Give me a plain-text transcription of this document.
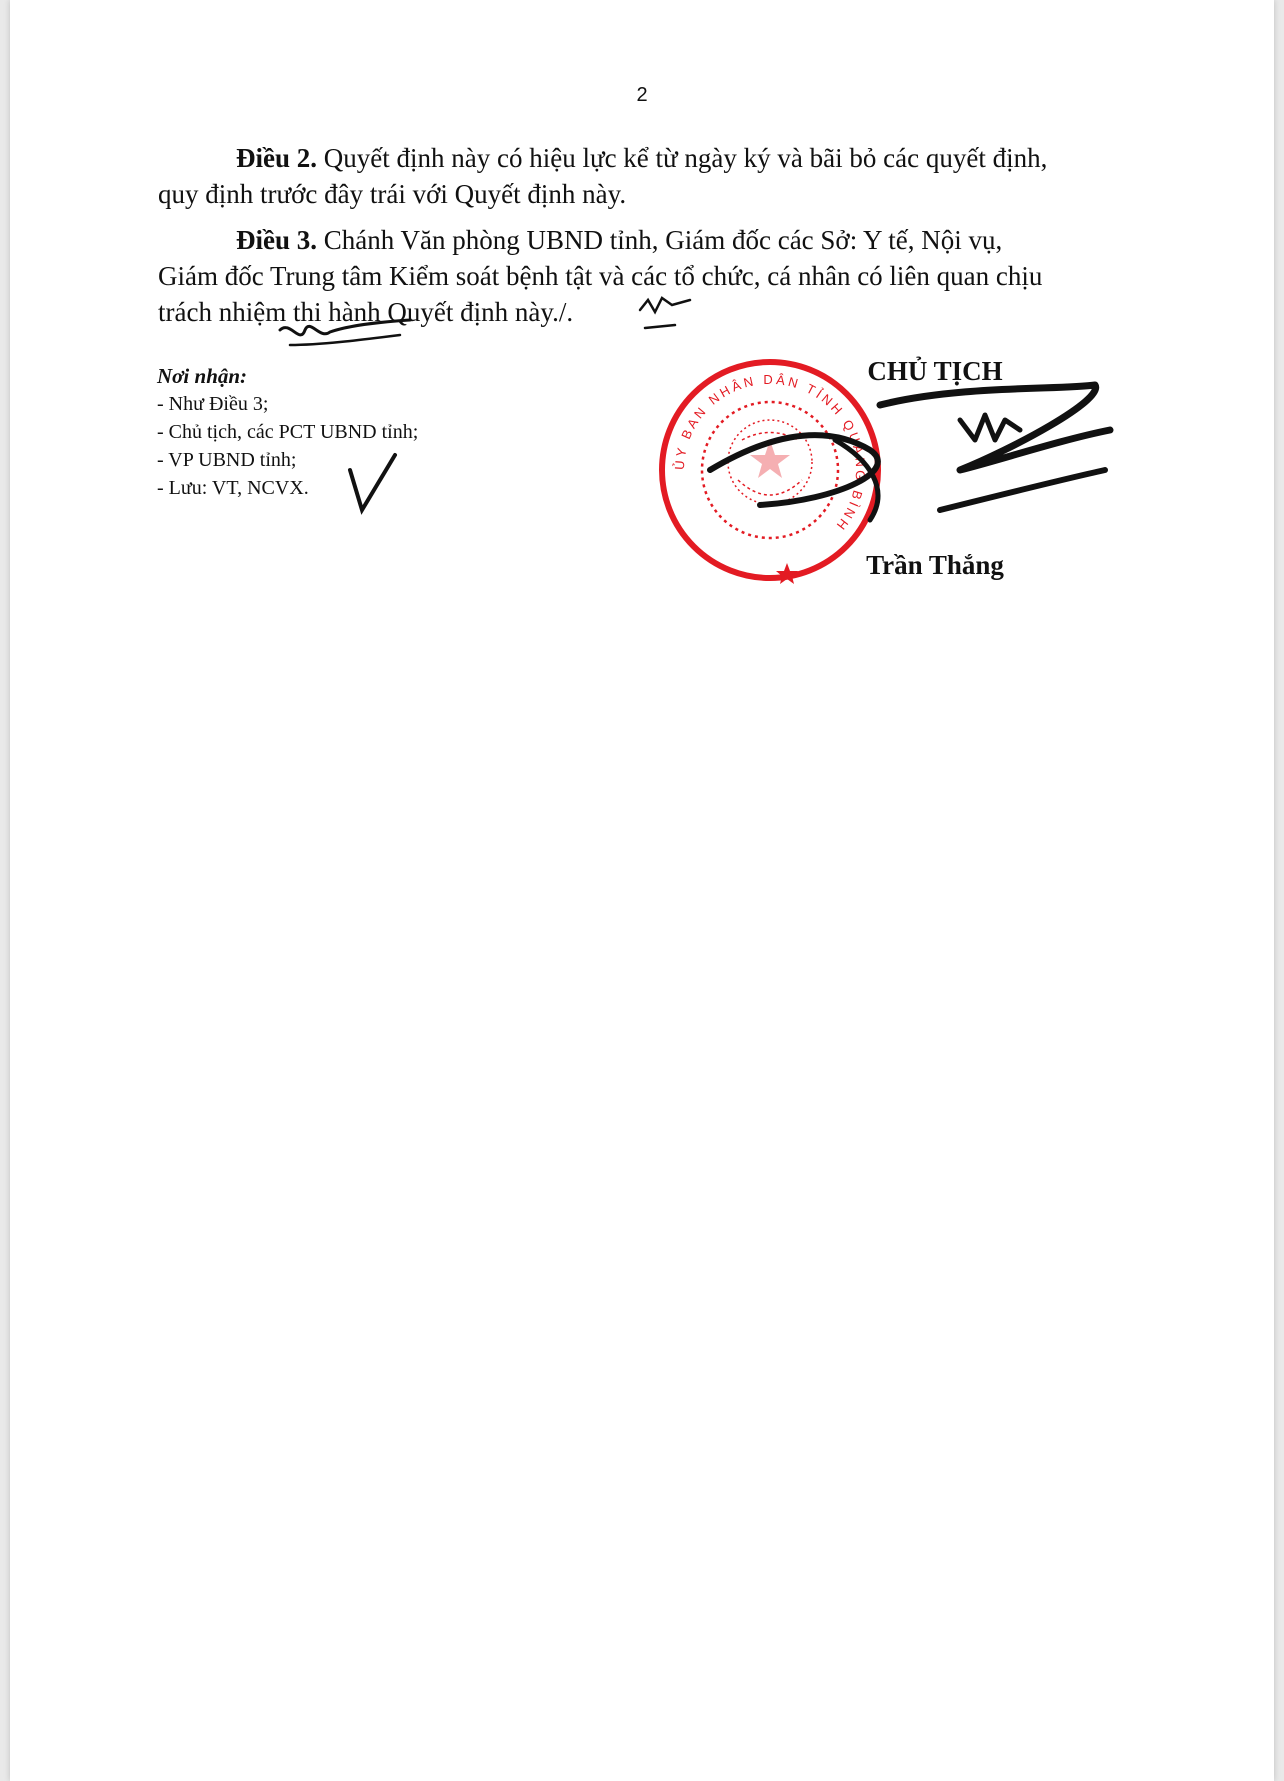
2
Điều 2. Quyết định này có hiệu lực kể từ ngày ký và bãi bỏ các quyết định,
quy định trước đây trái với Quyết định này.
Điều 3. Chánh Văn phòng UBND tỉnh, Giám đốc các Sở: Y tế, Nội vụ,
Giám đốc Trung tâm Kiểm soát bệnh tật và các tổ chức, cá nhân có liên quan chịu
trách nhiệm thi hành Quyết định này./.
Nơi nhận:
- Như Điều 3;
- Chủ tịch, các PCT UBND tỉnh;
- VP UBND tỉnh;
- Lưu: VT, NCVX.
CHỦ TỊCH
Trần Thắng
ỦY BAN NHÂN DÂN TỈNH QUẢNG BÌNH
